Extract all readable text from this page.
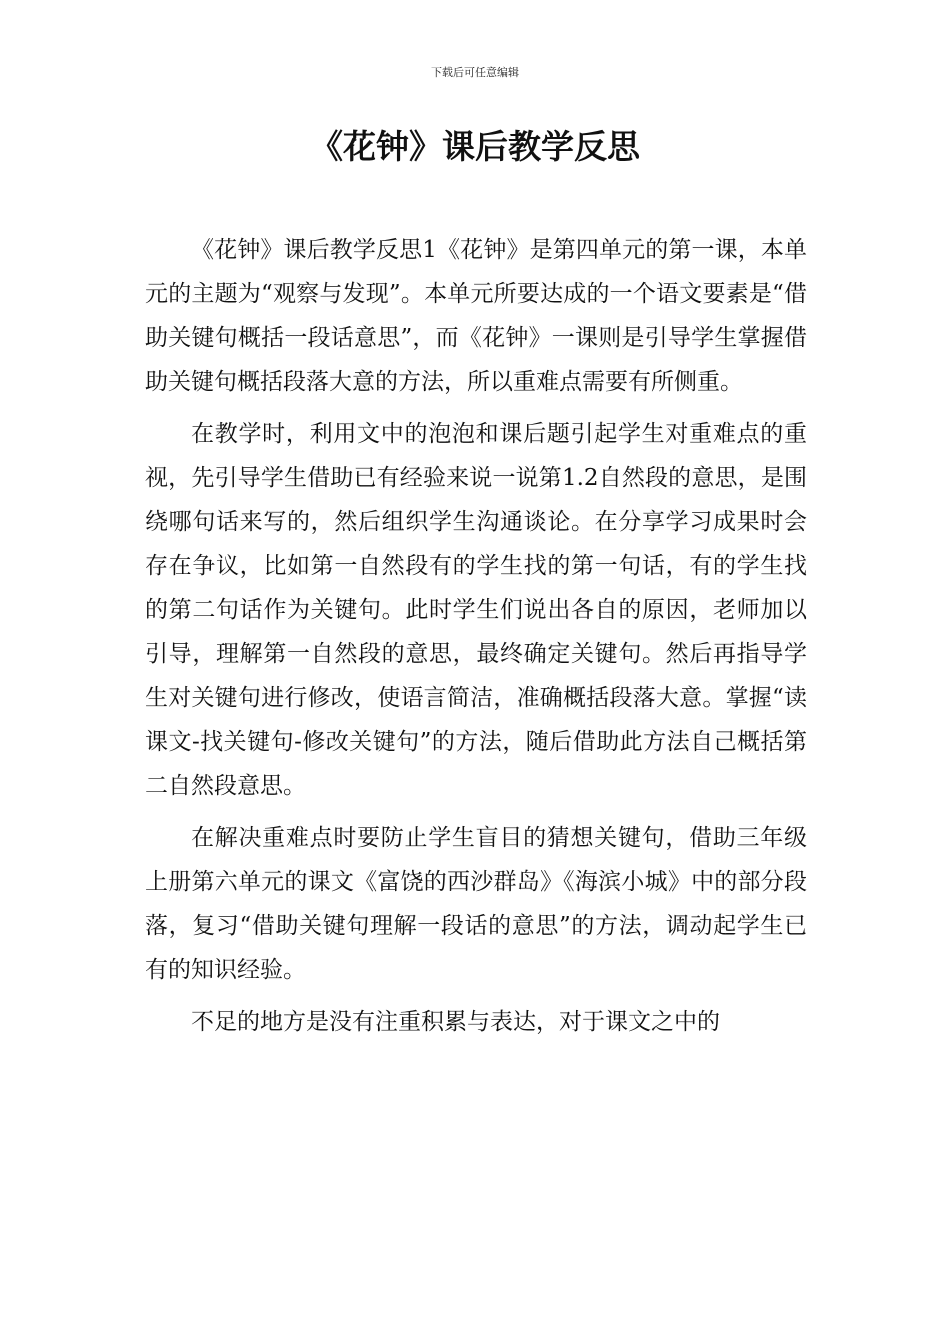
下载后可任意编辑
《花钟》课后教学反思

《花钟》课后教学反思1《花钟》是第四单元的第一课，本单元的主题为“观察与发现”。本单元所要达成的一个语文要素是“借助关键句概括一段话意思”，而《花钟》一课则是引导学生掌握借助关键句概括段落大意的方法，所以重难点需要有所侧重。

在教学时，利用文中的泡泡和课后题引起学生对重难点的重视，先引导学生借助已有经验来说一说第1.2自然段的意思，是围绕哪句话来写的，然后组织学生沟通谈论。在分享学习成果时会存在争议，比如第一自然段有的学生找的第一句话，有的学生找的第二句话作为关键句。此时学生们说出各自的原因，老师加以引导，理解第一自然段的意思，最终确定关键句。然后再指导学生对关键句进行修改，使语言简洁，准确概括段落大意。掌握“读课文-找关键句-修改关键句”的方法，随后借助此方法自己概括第二自然段意思。

在解决重难点时要防止学生盲目的猜想关键句，借助三年级上册第六单元的课文《富饶的西沙群岛》《海滨小城》中的部分段落，复习“借助关键句理解一段话的意思”的方法，调动起学生已有的知识经验。

不足的地方是没有注重积累与表达，对于课文之中的
